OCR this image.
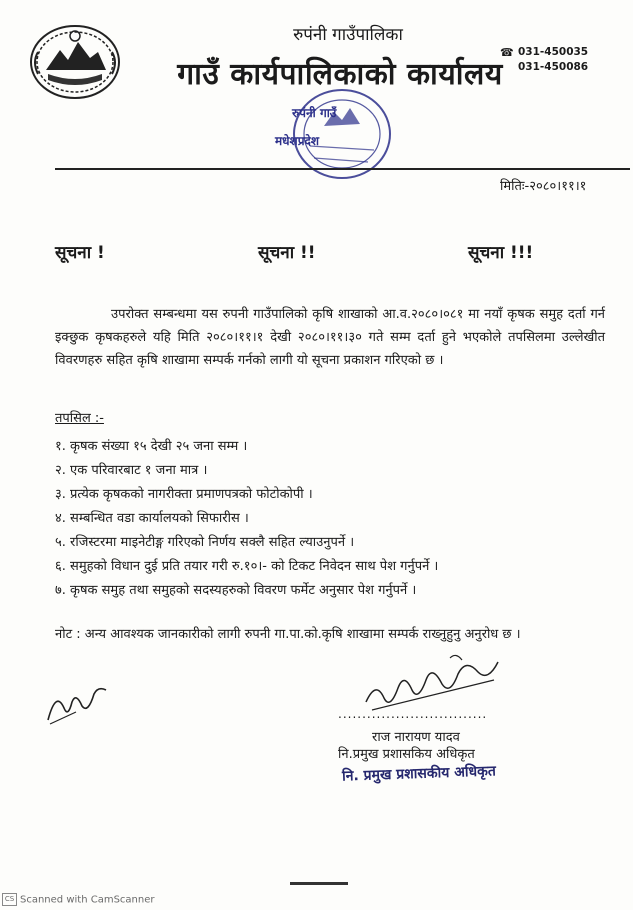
रुपंनी गाउँपालिका
गाउँ कार्यपालिकाको कार्यालय
☎ 031-450035
031-450086
रुपंनी गाउँ
मधेशप्रदेश
मितिः-२०८०।११।१
सूचना !	सूचना !!	सूचना !!!
उपरोक्त सम्बन्धमा यस रुपनी गाउँपालिको कृषि शाखाको आ.व.२०८०।०८१ मा नयाँ कृषक समुह दर्ता गर्न इक्छुक कृषकहरुले यहि मिति २०८०।११।१ देखी २०८०।११।३० गते सम्म दर्ता हुने भएकोले तपसिलमा उल्लेखीत विवरणहरु सहित कृषि शाखामा सम्पर्क गर्नको लागी यो सूचना प्रकाशन गरिएको छ ।
तपसिल :-
१. कृषक संख्या १५ देखी २५ जना सम्म ।
२. एक परिवारबाट १ जना मात्र ।
३. प्रत्येक कृषकको नागरीक्ता प्रमाणपत्रको फोटोकोपी ।
४. सम्बन्धित वडा कार्यालयको सिफारीस ।
५. रजिस्टरमा माइनेटीङ्ग गरिएको निर्णय सक्लै सहित ल्याउनुपर्ने ।
६. समुहको विधान दुई प्रति तयार गरी रु.१०।- को टिकट निवेदन साथ पेश गर्नुपर्ने ।
७. कृषक समुह तथा समुहको सदस्यहरुको विवरण फर्मेट अनुसार पेश गर्नुपर्ने ।
नोट : अन्य आवश्यक जानकारीको लागी रुपनी गा.पा.को.कृषि शाखामा सम्पर्क राख्नुहुनु अनुरोध छ ।
...............................
राज नारायण यादव
नि.प्रमुख प्रशासकिय अधिकृत
नि. प्रमुख प्रशासकीय अधिकृत
CS Scanned with CamScanner
